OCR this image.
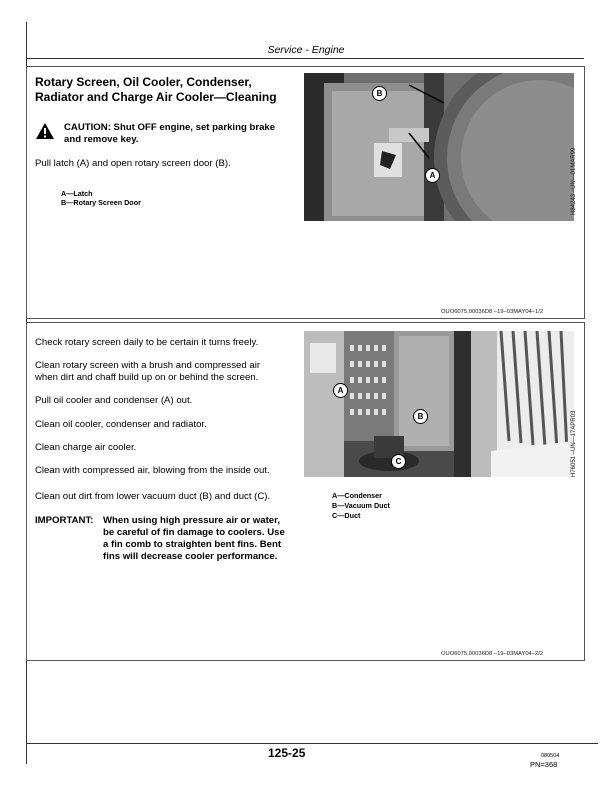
Service - Engine
Rotary Screen, Oil Cooler, Condenser,
Radiator and Charge Air Cooler—Cleaning
CAUTION: Shut OFF engine, set parking brake
and remove key.
Pull latch (A) and open rotary screen door (B).
A—Latch
B—Rotary Screen Door
B
A	H84243 –UN—01MAR99
OUO6075,00036D8 –19–03MAY04–1/2
Check rotary screen daily to be certain it turns freely.
Clean rotary screen with a brush and compressed air
when dirt and chaff build up on or behind the screen.
Pull oil cooler and condenser (A) out.
Clean oil cooler, condenser and radiator.
Clean charge air cooler.
Clean with compressed air, blowing from the inside out.
Clean out dirt from lower vacuum duct (B) and duct (C).
IMPORTANT: When using high pressure air or water,
be careful of fin damage to coolers. Use
a fin comb to straighten bent fins. Bent
fins will decrease cooler performance.
A
B
C	H76051 –UN—17APR03
A—Condenser
B—Vacuum Duct
C—Duct
OUO6075,00036D8 –19–03MAY04–2/2
125-25	080504
PN=368
